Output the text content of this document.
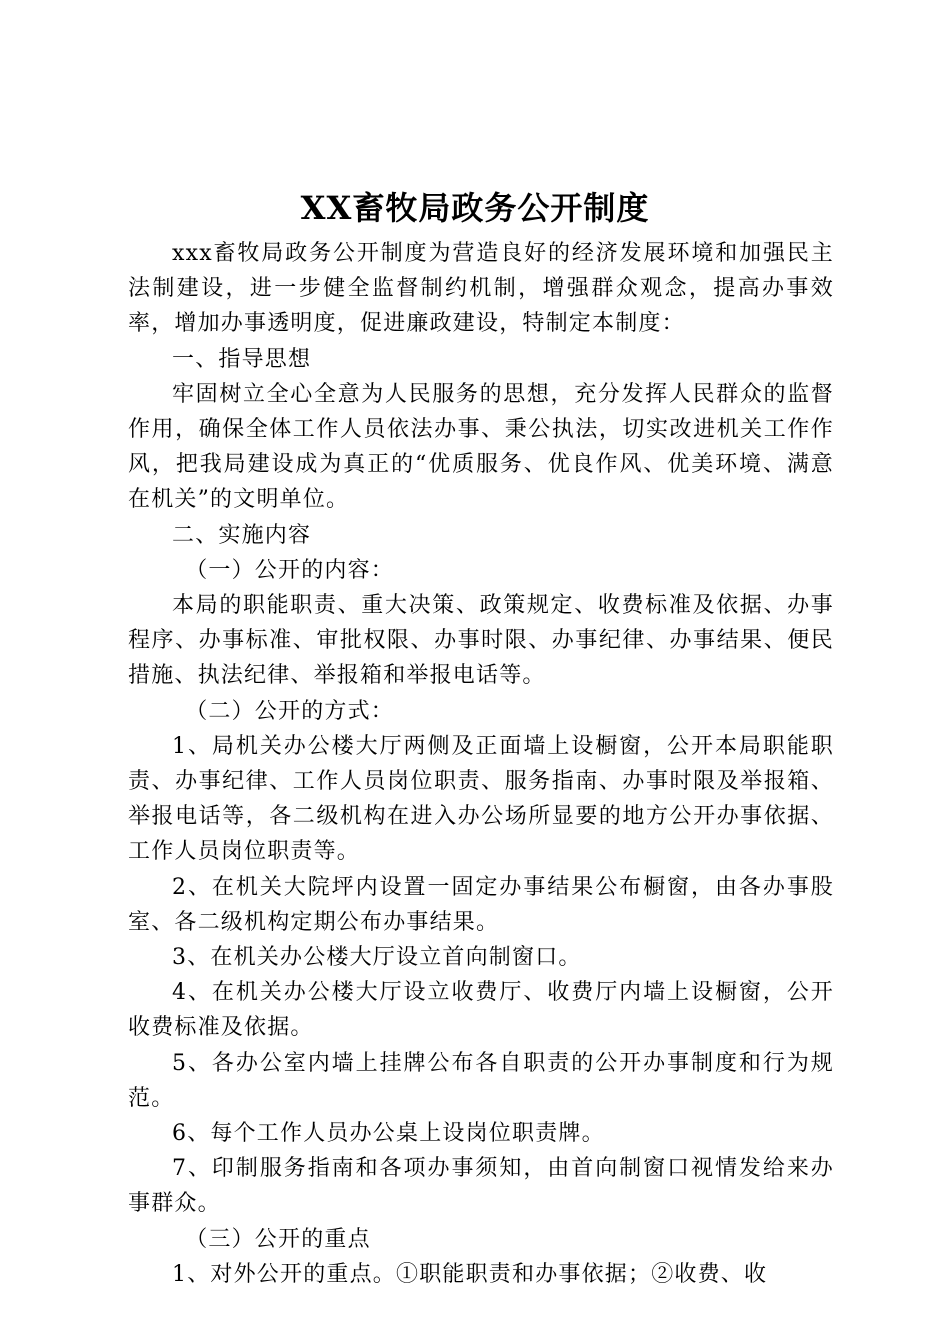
XX畜牧局政务公开制度

xxx畜牧局政务公开制度为营造良好的经济发展环境和加强民主法制建设，进一步健全监督制约机制，增强群众观念，提高办事效率，增加办事透明度，促进廉政建设，特制定本制度：

一、指导思想

牢固树立全心全意为人民服务的思想，充分发挥人民群众的监督作用，确保全体工作人员依法办事、秉公执法，切实改进机关工作作风，把我局建设成为真正的“优质服务、优良作风、优美环境、满意在机关”的文明单位。

二、实施内容

（一）公开的内容：

本局的职能职责、重大决策、政策规定、收费标准及依据、办事程序、办事标准、审批权限、办事时限、办事纪律、办事结果、便民措施、执法纪律、举报箱和举报电话等。

（二）公开的方式：

1、局机关办公楼大厅两侧及正面墙上设橱窗，公开本局职能职责、办事纪律、工作人员岗位职责、服务指南、办事时限及举报箱、举报电话等，各二级机构在进入办公场所显要的地方公开办事依据、工作人员岗位职责等。

2、在机关大院坪内设置一固定办事结果公布橱窗，由各办事股室、各二级机构定期公布办事结果。

3、在机关办公楼大厅设立首向制窗口。

4、在机关办公楼大厅设立收费厅、收费厅内墙上设橱窗，公开收费标准及依据。

5、各办公室内墙上挂牌公布各自职责的公开办事制度和行为规范。

6、每个工作人员办公桌上设岗位职责牌。

7、印制服务指南和各项办事须知，由首向制窗口视情发给来办事群众。

（三）公开的重点

1、对外公开的重点。①职能职责和办事依据；②收费、收
